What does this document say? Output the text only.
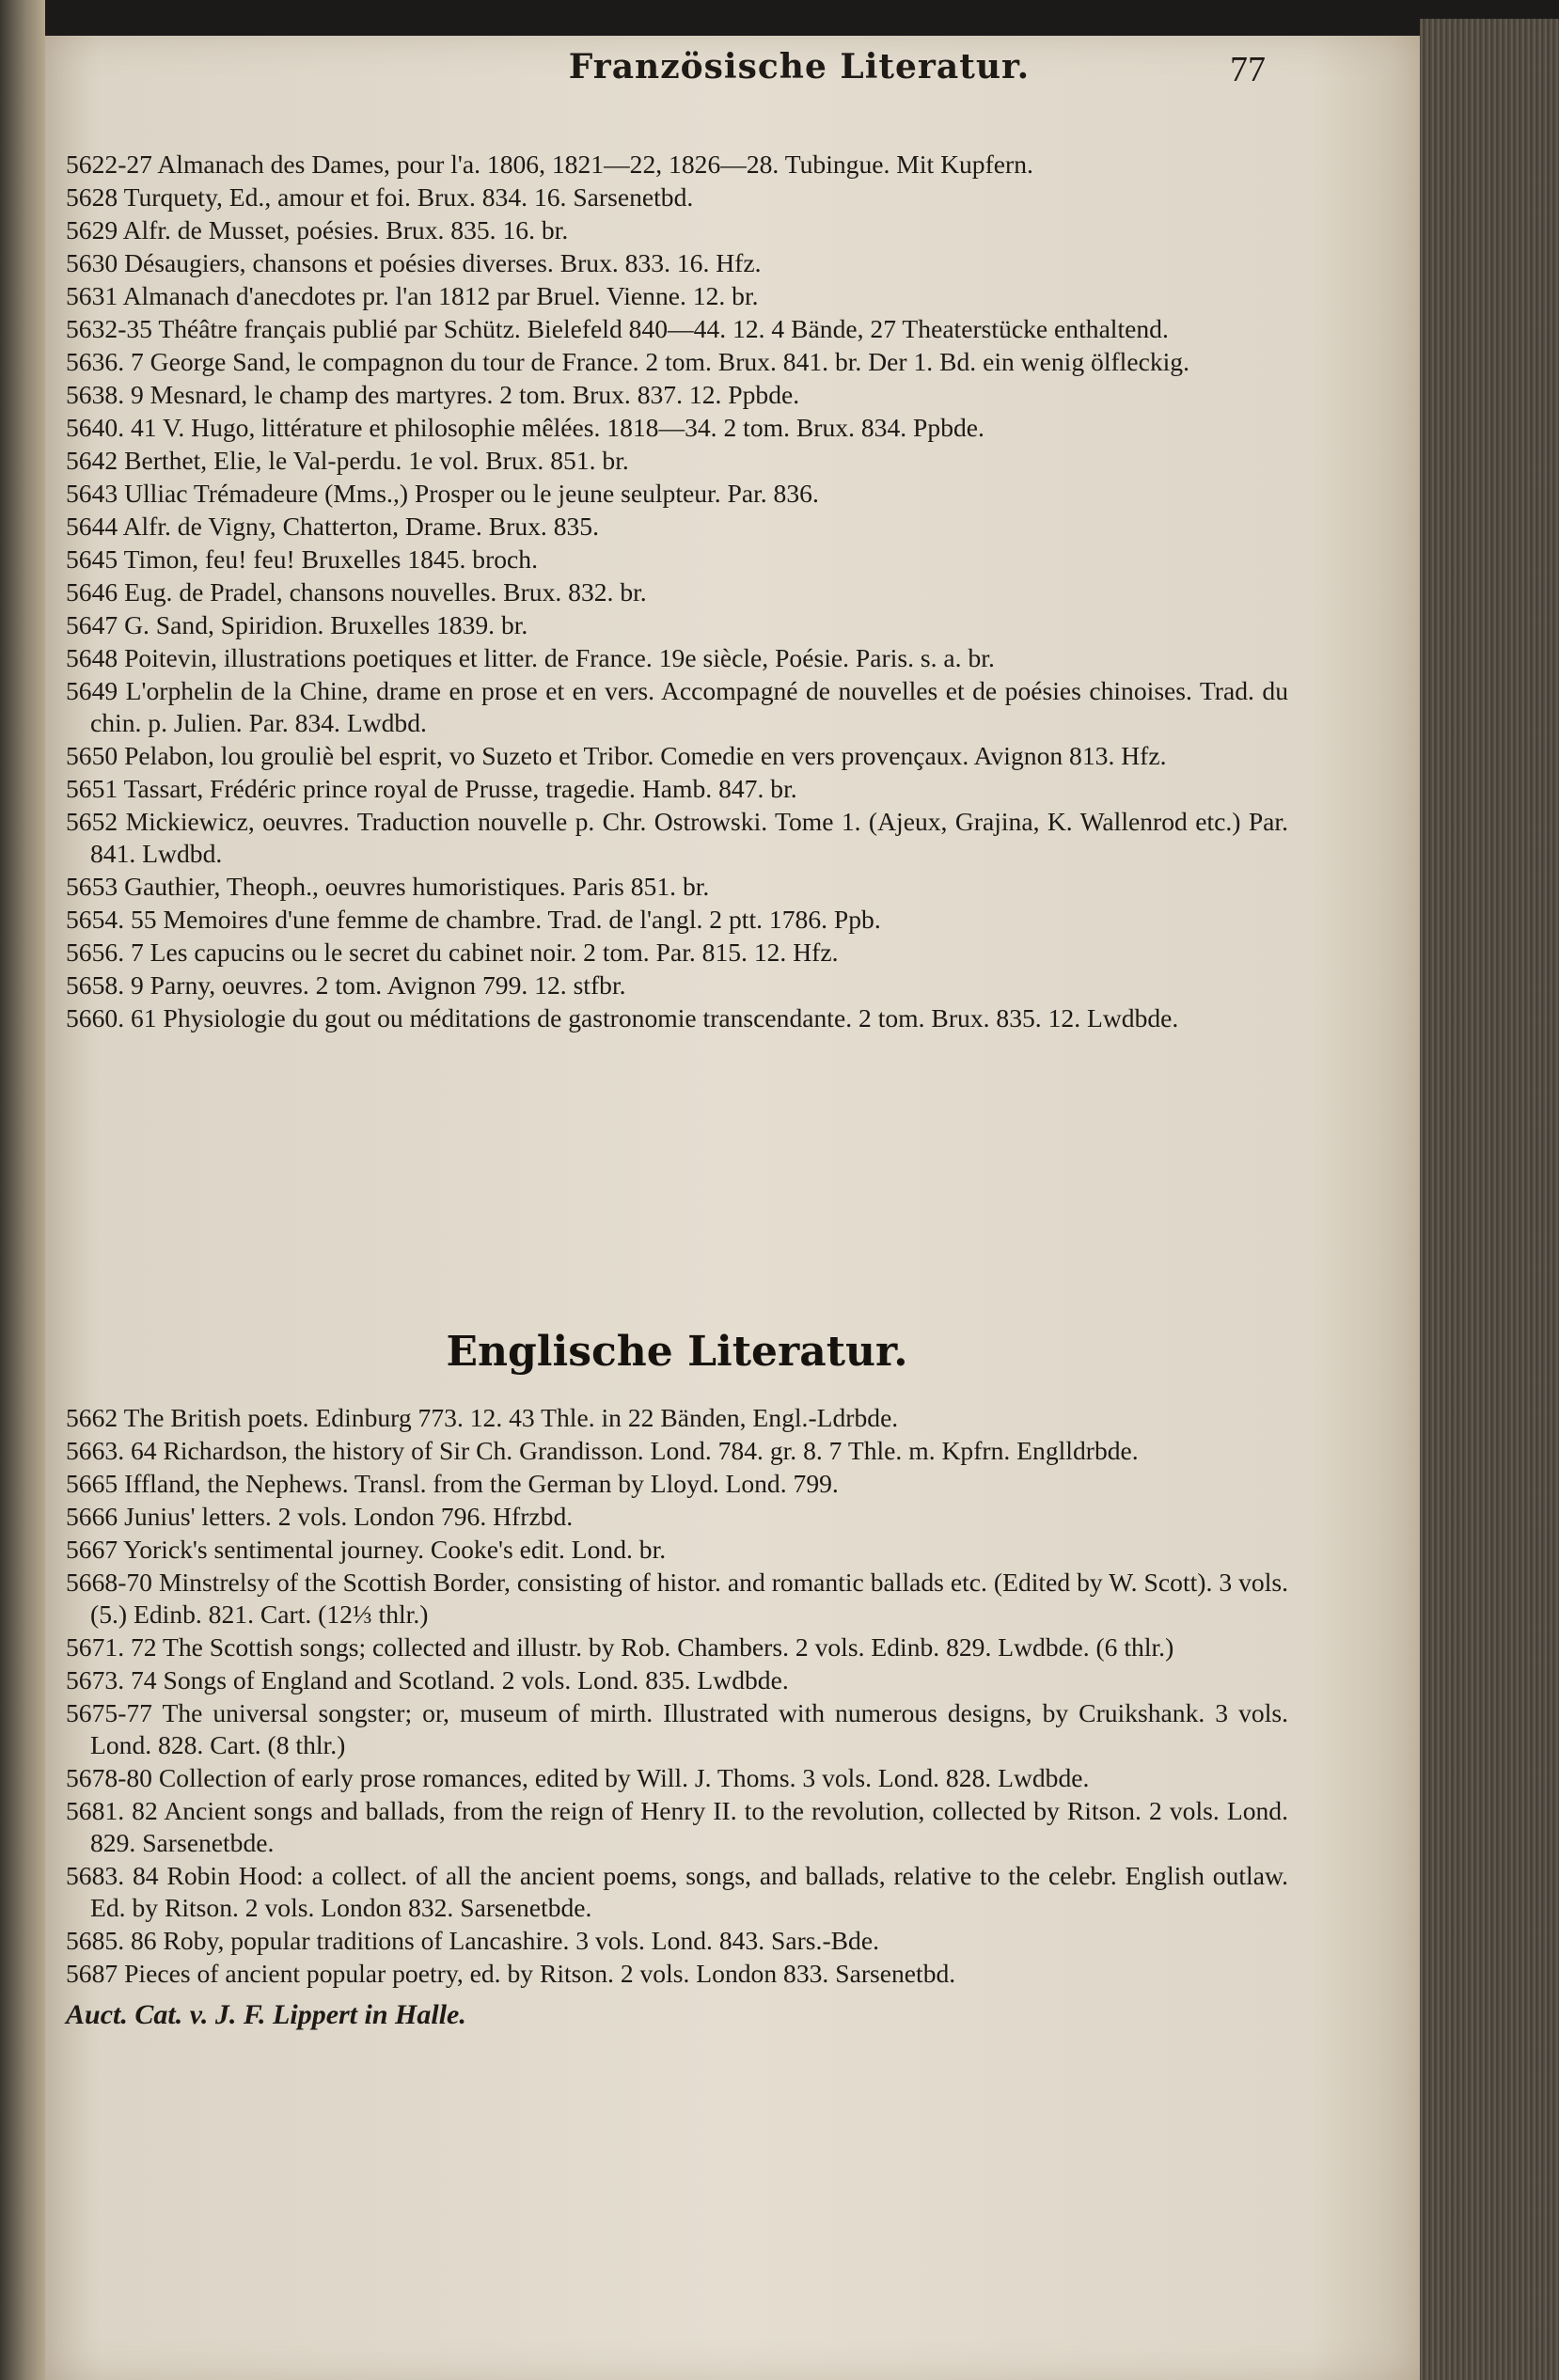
Französische Literatur.	77
5622-27 Almanach des Dames, pour l'a. 1806, 1821—22, 1826—28. Tubingue. Mit Kupfern.
5628 Turquety, Ed., amour et foi. Brux. 834. 16. Sarsenetbd.
5629 Alfr. de Musset, poésies. Brux. 835. 16. br.
5630 Désaugiers, chansons et poésies diverses. Brux. 833. 16. Hfz.
5631 Almanach d'anecdotes pr. l'an 1812 par Bruel. Vienne. 12. br.
5632-35 Théâtre français publié par Schütz. Bielefeld 840—44. 12. 4 Bände, 27 Theaterstücke enthaltend.
5636. 7 George Sand, le compagnon du tour de France. 2 tom. Brux. 841. br. Der 1. Bd. ein wenig ölfleckig.
5638. 9 Mesnard, le champ des martyres. 2 tom. Brux. 837. 12. Ppbde.
5640. 41 V. Hugo, littérature et philosophie mêlées. 1818—34. 2 tom. Brux. 834. Ppbde.
5642 Berthet, Elie, le Val-perdu. 1e vol. Brux. 851. br.
5643 Ulliac Trémadeure (Mms.,) Prosper ou le jeune seulpteur. Par. 836.
5644 Alfr. de Vigny, Chatterton, Drame. Brux. 835.
5645 Timon, feu! feu! Bruxelles 1845. broch.
5646 Eug. de Pradel, chansons nouvelles. Brux. 832. br.
5647 G. Sand, Spiridion. Bruxelles 1839. br.
5648 Poitevin, illustrations poetiques et litter. de France. 19e siècle, Poésie. Paris. s. a. br.
5649 L'orphelin de la Chine, drame en prose et en vers. Accompagné de nouvelles et de poésies chinoises. Trad. du chin. p. Julien. Par. 834. Lwdbd.
5650 Pelabon, lou grouliè bel esprit, vo Suzeto et Tribor. Comedie en vers provençaux. Avignon 813. Hfz.
5651 Tassart, Frédéric prince royal de Prusse, tragedie. Hamb. 847. br.
5652 Mickiewicz, oeuvres. Traduction nouvelle p. Chr. Ostrowski. Tome 1. (Ajeux, Grajina, K. Wallenrod etc.) Par. 841. Lwdbd.
5653 Gauthier, Theoph., oeuvres humoristiques. Paris 851. br.
5654. 55 Memoires d'une femme de chambre. Trad. de l'angl. 2 ptt. 1786. Ppb.
5656. 7 Les capucins ou le secret du cabinet noir. 2 tom. Par. 815. 12. Hfz.
5658. 9 Parny, oeuvres. 2 tom. Avignon 799. 12. stfbr.
5660. 61 Physiologie du gout ou méditations de gastronomie transcendante. 2 tom. Brux. 835. 12. Lwdbde.
Englische Literatur.
5662 The British poets. Edinburg 773. 12. 43 Thle. in 22 Bänden, Engl.-Ldrbde.
5663. 64 Richardson, the history of Sir Ch. Grandisson. Lond. 784. gr. 8. 7 Thle. m. Kpfrn. Englldrbde.
5665 Iffland, the Nephews. Transl. from the German by Lloyd. Lond. 799.
5666 Junius' letters. 2 vols. London 796. Hfrzbd.
5667 Yorick's sentimental journey. Cooke's edit. Lond. br.
5668-70 Minstrelsy of the Scottish Border, consisting of histor. and romantic ballads etc. (Edited by W. Scott). 3 vols. (5.) Edinb. 821. Cart. (12⅓ thlr.)
5671. 72 The Scottish songs; collected and illustr. by Rob. Chambers. 2 vols. Edinb. 829. Lwdbde. (6 thlr.)
5673. 74 Songs of England and Scotland. 2 vols. Lond. 835. Lwdbde.
5675-77 The universal songster; or, museum of mirth. Illustrated with numerous designs, by Cruikshank. 3 vols. Lond. 828. Cart. (8 thlr.)
5678-80 Collection of early prose romances, edited by Will. J. Thoms. 3 vols. Lond. 828. Lwdbde.
5681. 82 Ancient songs and ballads, from the reign of Henry II. to the revolution, collected by Ritson. 2 vols. Lond. 829. Sarsenetbde.
5683. 84 Robin Hood: a collect. of all the ancient poems, songs, and ballads, relative to the celebr. English outlaw. Ed. by Ritson. 2 vols. London 832. Sarsenetbde.
5685. 86 Roby, popular traditions of Lancashire. 3 vols. Lond. 843. Sars.-Bde.
5687 Pieces of ancient popular poetry, ed. by Ritson. 2 vols. London 833. Sarsenetbd.
Auct. Cat. v. J. F. Lippert in Halle.
